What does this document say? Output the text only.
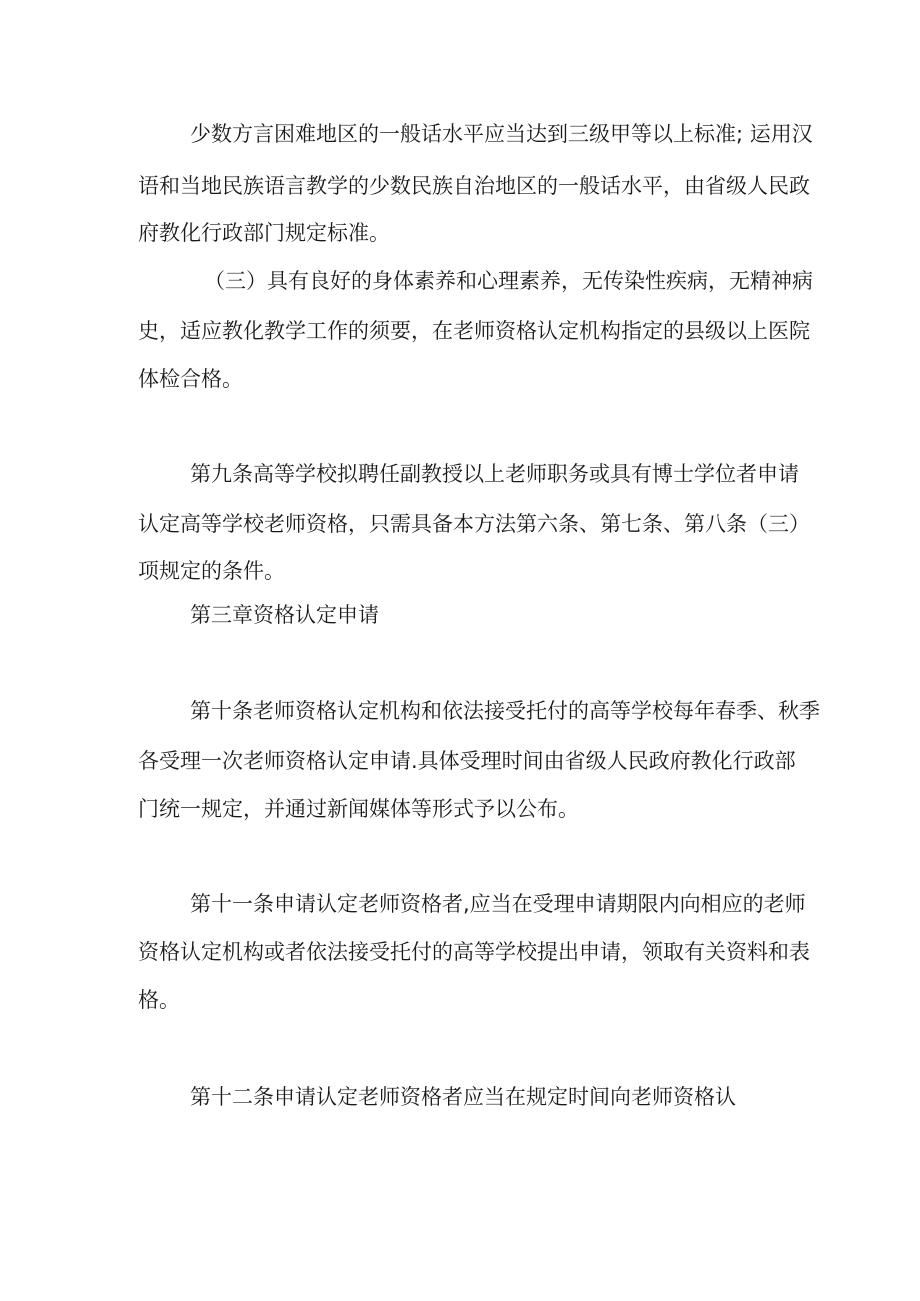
少数方言困难地区的一般话水平应当达到三级甲等以上标准; 运用汉
语和当地民族语言教学的少数民族自治地区的一般话水平，由省级人民政
府教化行政部门规定标准。
（三）具有良好的身体素养和心理素养，无传染性疾病，无精神病
史，适应教化教学工作的须要，在老师资格认定机构指定的县级以上医院
体检合格。
第九条高等学校拟聘任副教授以上老师职务或具有博士学位者申请
认定高等学校老师资格，只需具备本方法第六条、第七条、第八条（三）
项规定的条件。
第三章资格认定申请
第十条老师资格认定机构和依法接受托付的高等学校每年春季、秋季
各受理一次老师资格认定申请.具体受理时间由省级人民政府教化行政部
门统一规定，并通过新闻媒体等形式予以公布。
第十一条申请认定老师资格者,应当在受理申请期限内向相应的老师
资格认定机构或者依法接受托付的高等学校提出申请，领取有关资料和表
格。
第十二条申请认定老师资格者应当在规定时间向老师资格认
